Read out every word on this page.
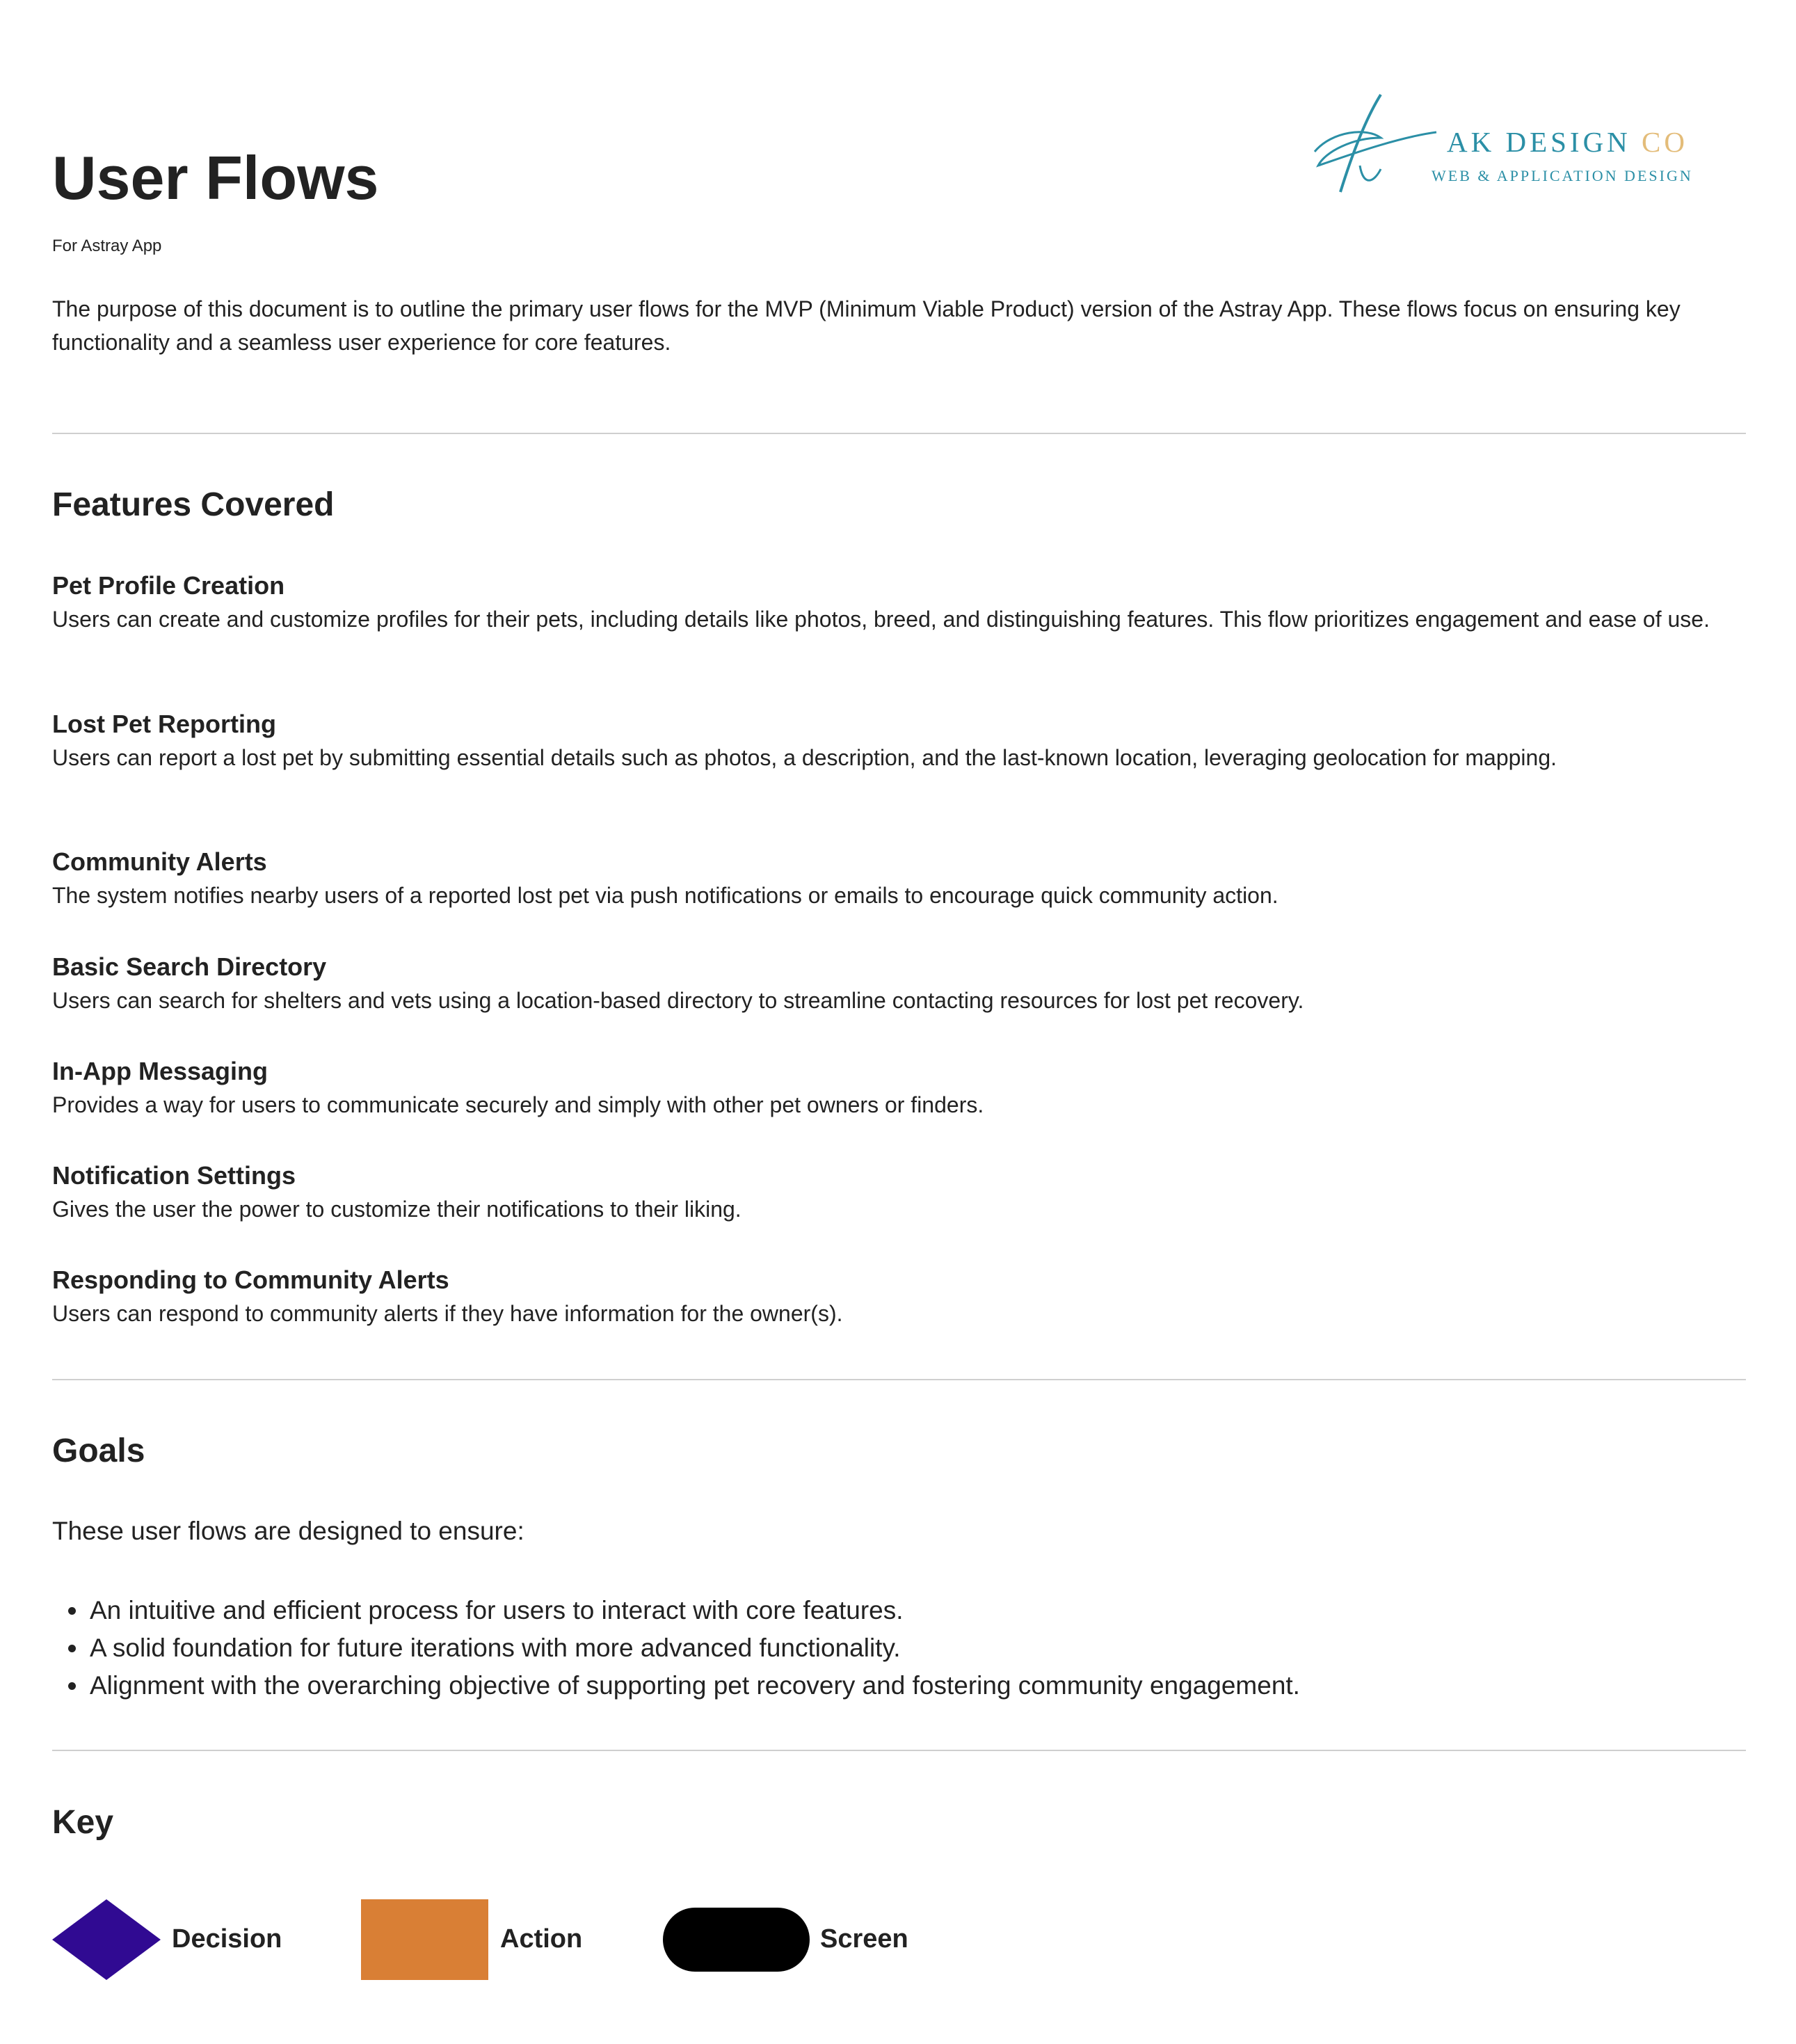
AK DESIGN CO
WEB & APPLICATION DESIGN
User Flows
For Astray App

The purpose of this document is to outline the primary user flows for the MVP (Minimum Viable Product) version of the Astray App. These flows focus on ensuring key functionality and a seamless user experience for core features.

Features Covered
Pet Profile Creation
Users can create and customize profiles for their pets, including details like photos, breed, and distinguishing features. This flow prioritizes engagement and ease of use.
Lost Pet Reporting
Users can report a lost pet by submitting essential details such as photos, a description, and the last-known location, leveraging geolocation for mapping.
Community Alerts
The system notifies nearby users of a reported lost pet via push notifications or emails to encourage quick community action.
Basic Search Directory
Users can search for shelters and vets using a location-based directory to streamline contacting resources for lost pet recovery.
In-App Messaging
Provides a way for users to communicate securely and simply with other pet owners or finders.
Notification Settings
Gives the user the power to customize their notifications to their liking.
Responding to Community Alerts
Users can respond to community alerts if they have information for the owner(s).
Goals
These user flows are designed to ensure:
• An intuitive and efficient process for users to interact with core features.
• A solid foundation for future iterations with more advanced functionality.
• Alignment with the overarching objective of supporting pet recovery and fostering community engagement.
Key
Decision	Action	Screen
